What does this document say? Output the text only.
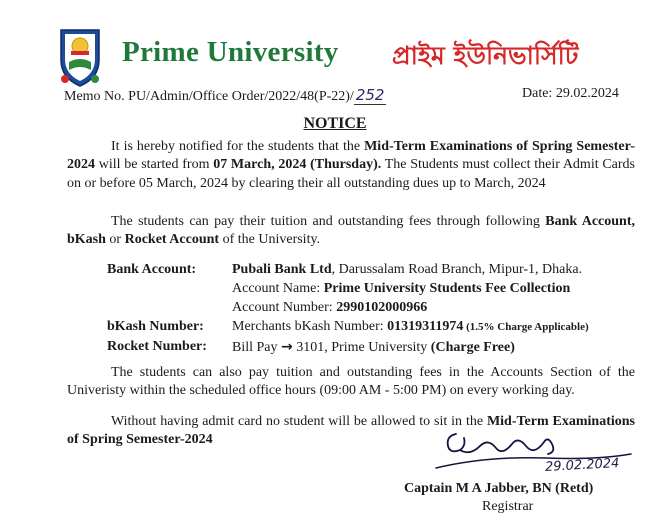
Prime University প্রাইম ইউনিভার্সিটি
Memo No. PU/Admin/Office Order/2022/48(P-22)/ 252	Date: 29.02.2024
NOTICE
It is hereby notified for the students that the Mid-Term Examinations of Spring Semester-2024 will be started from 07 March, 2024 (Thursday). The Students must collect their Admit Cards on or before 05 March, 2024 by clearing their all outstanding dues up to March, 2024
The students can pay their tuition and outstanding fees through following Bank Account, bKash or Rocket Account of the University.
Bank Account:	Pubali Bank Ltd, Darussalam Road Branch, Mipur-1, Dhaka.
Account Name: Prime University Students Fee Collection
Account Number: 2990102000966
bKash Number: Merchants bKash Number: 01319311974 (1.5% Charge Applicable)
Rocket Number: Bill Pay → 3101, Prime University (Charge Free)
The students can also pay tuition and outstanding fees in the Accounts Section of the Univeristy within the scheduled office hours (09:00 AM - 5:00 PM) on every working day.
Without having admit card no student will be allowed to sit in the Mid-Term Examinations of Spring Semester-2024
29.02.2024
Captain M A Jabber, BN (Retd)
Registrar
